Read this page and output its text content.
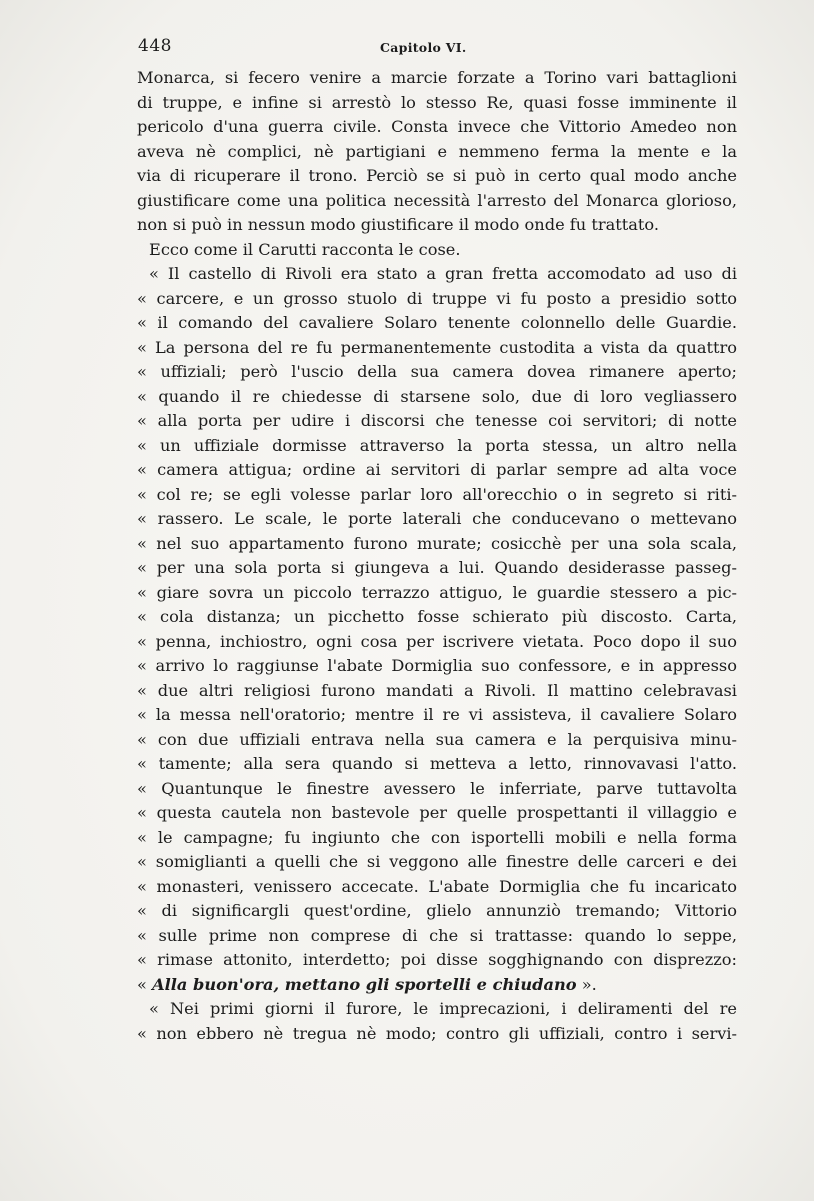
448	Capitolo VI.
Monarca, si fecero venire a marcie forzate a Torino vari battaglioni
di truppe, e infine si arrestò lo stesso Re, quasi fosse imminente il
pericolo d'una guerra civile. Consta invece che Vittorio Amedeo non
aveva nè complici, nè partigiani e nemmeno ferma la mente e la
via di ricuperare il trono. Perciò se si può in certo qual modo anche
giustificare come una politica necessità l'arresto del Monarca glorioso,
non si può in nessun modo giustificare il modo onde fu trattato.
Ecco come il Carutti racconta le cose.
« Il castello di Rivoli era stato a gran fretta accomodato ad uso di
« carcere, e un grosso stuolo di truppe vi fu posto a presidio sotto
« il comando del cavaliere Solaro tenente colonnello delle Guardie.
« La persona del re fu permanentemente custodita a vista da quattro
« uffiziali; però l'uscio della sua camera dovea rimanere aperto;
« quando il re chiedesse di starsene solo, due di loro vegliassero
« alla porta per udire i discorsi che tenesse coi servitori; di notte
« un uffiziale dormisse attraverso la porta stessa, un altro nella
« camera attigua; ordine ai servitori di parlar sempre ad alta voce
« col re; se egli volesse parlar loro all'orecchio o in segreto si riti-
« rassero. Le scale, le porte laterali che conducevano o mettevano
« nel suo appartamento furono murate; cosicchè per una sola scala,
« per una sola porta si giungeva a lui. Quando desiderasse passeg-
« giare sovra un piccolo terrazzo attiguo, le guardie stessero a pic-
« cola distanza; un picchetto fosse schierato più discosto. Carta,
« penna, inchiostro, ogni cosa per iscrivere vietata. Poco dopo il suo
« arrivo lo raggiunse l'abate Dormiglia suo confessore, e in appresso
« due altri religiosi furono mandati a Rivoli. Il mattino celebravasi
« la messa nell'oratorio; mentre il re vi assisteva, il cavaliere Solaro
« con due uffiziali entrava nella sua camera e la perquisiva minu-
« tamente; alla sera quando si metteva a letto, rinnovavasi l'atto.
« Quantunque le finestre avessero le inferriate, parve tuttavolta
« questa cautela non bastevole per quelle prospettanti il villaggio e
« le campagne; fu ingiunto che con isportelli mobili e nella forma
« somiglianti a quelli che si veggono alle finestre delle carceri e dei
« monasteri, venissero accecate. L'abate Dormiglia che fu incaricato
« di significargli quest'ordine, glielo annunziò tremando; Vittorio
« sulle prime non comprese di che si trattasse: quando lo seppe,
« rimase attonito, interdetto; poi disse sogghignando con disprezzo:
« Alla buon'ora, mettano gli sportelli e chiudano ».
« Nei primi giorni il furore, le imprecazioni, i deliramenti del re
« non ebbero nè tregua nè modo; contro gli uffiziali, contro i servi-
